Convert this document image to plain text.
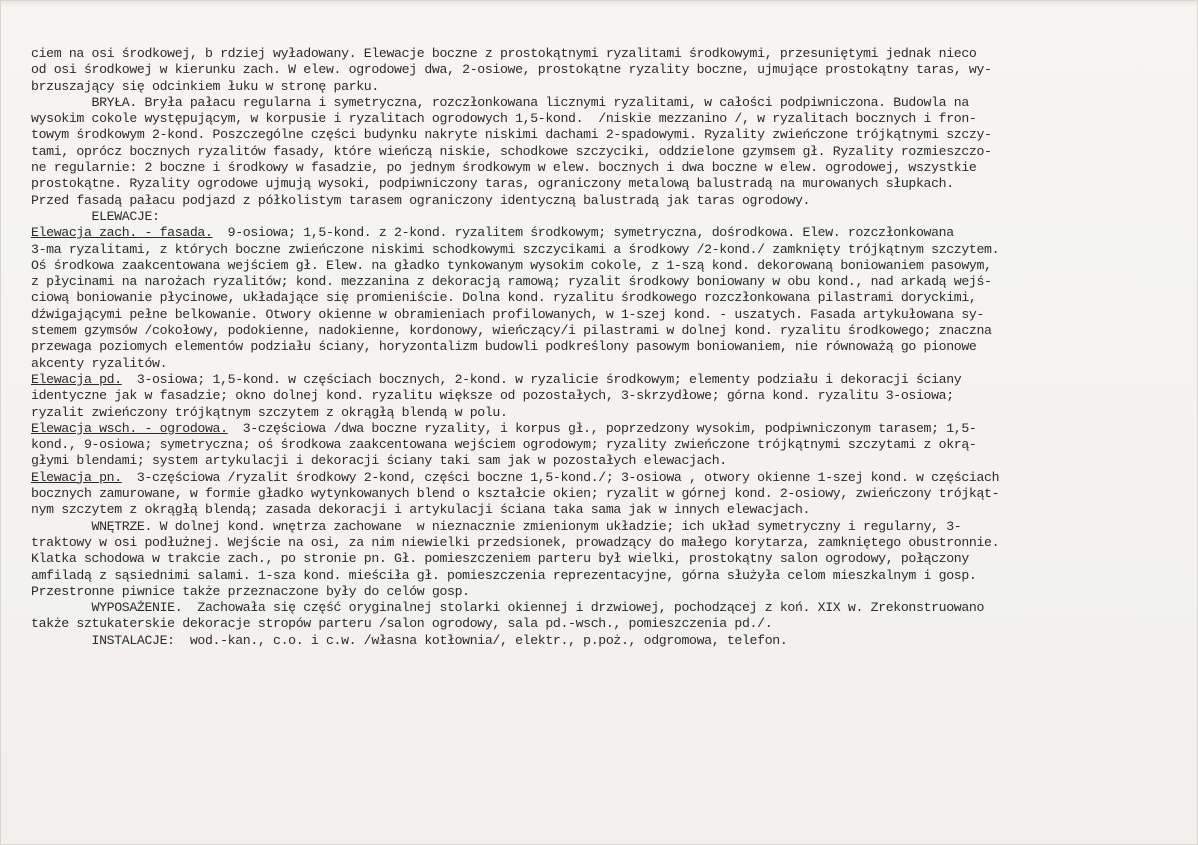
ciem na osi środkowej, b rdziej wyładowany. Elewacje boczne z prostokątnymi ryzalitami środkowymi, przesuniętymi jednak nieco
od osi środkowej w kierunku zach. W elew. ogrodowej dwa, 2-osiowe, prostokątne ryzality boczne, ujmujące prostokątny taras, wy-
brzuszający się odcinkiem łuku w stronę parku.
BRYŁA. Bryła pałacu regularna i symetryczna, rozczłonkowana licznymi ryzalitami, w całości podpiwniczona. Budowla na
wysokim cokole występującym, w korpusie i ryzalitach ogrodowych 1,5-kond.  /niskie mezzanino /, w ryzalitach bocznych i fron-
towym środkowym 2-kond. Poszczególne części budynku nakryte niskimi dachami 2-spadowymi. Ryzality zwieńczone trójkątnymi szczy-
tami, oprócz bocznych ryzalitów fasady, które wieńczą niskie, schodkowe szczyciki, oddzielone gzymsem gł. Ryzality rozmieszczo-
ne regularnie: 2 boczne i środkowy w fasadzie, po jednym środkowym w elew. bocznych i dwa boczne w elew. ogrodowej, wszystkie
prostokątne. Ryzality ogrodowe ujmują wysoki, podpiwniczony taras, ograniczony metalową balustradą na murowanych słupkach.
Przed fasadą pałacu podjazd z półkolistym tarasem ograniczony identyczną balustradą jak taras ogrodowy.
ELEWACJE:
Elewacja zach. - fasada.  9-osiowa; 1,5-kond. z 2-kond. ryzalitem środkowym; symetryczna, dośrodkowa. Elew. rozczłonkowana
3-ma ryzalitami, z których boczne zwieńczone niskimi schodkowymi szczycikami a środkowy /2-kond./ zamknięty trójkątnym szczytem.
Oś środkowa zaakcentowana wejściem gł. Elew. na gładko tynkowanym wysokim cokole, z 1-szą kond. dekorowaną boniowaniem pasowym,
z płycinami na narożach ryzalitów; kond. mezzanina z dekoracją ramową; ryzalit środkowy boniowany w obu kond., nad arkadą wejś-
ciową boniowanie płycinowe, układające się promieniście. Dolna kond. ryzalitu środkowego rozczłonkowana pilastrami doryckimi,
dźwigającymi pełne belkowanie. Otwory okienne w obramieniach profilowanych, w 1-szej kond. - uszatych. Fasada artykułowana sy-
stemem gzymsów /cokołowy, podokienne, nadokienne, kordonowy, wieńczący/i pilastrami w dolnej kond. ryzalitu środkowego; znaczna
przewaga poziomych elementów podziału ściany, horyzontalizm budowli podkreślony pasowym boniowaniem, nie równoważą go pionowe
akcenty ryzalitów.
Elewacja pd.  3-osiowa; 1,5-kond. w częściach bocznych, 2-kond. w ryzalicie środkowym; elementy podziału i dekoracji ściany
identyczne jak w fasadzie; okno dolnej kond. ryzalitu większe od pozostałych, 3-skrzydłowe; górna kond. ryzalitu 3-osiowa;
ryzalit zwieńczony trójkątnym szczytem z okrągłą blendą w polu.
Elewacja wsch. - ogrodowa.  3-częściowa /dwa boczne ryzality, i korpus gł., poprzedzony wysokim, podpiwniczonym tarasem; 1,5-
kond., 9-osiowa; symetryczna; oś środkowa zaakcentowana wejściem ogrodowym; ryzality zwieńczone trójkątnymi szczytami z okrą-
głymi blendami; system artykulacji i dekoracji ściany taki sam jak w pozostałych elewacjach.
Elewacja pn.  3-częściowa /ryzalit środkowy 2-kond, części boczne 1,5-kond./; 3-osiowa , otwory okienne 1-szej kond. w częściach
bocznych zamurowane, w formie gładko wytynkowanych blend o kształcie okien; ryzalit w górnej kond. 2-osiowy, zwieńczony trójkąt-
nym szczytem z okrągłą blendą; zasada dekoracji i artykulacji ściana taka sama jak w innych elewacjach.
WNĘTRZE. W dolnej kond. wnętrza zachowane  w nieznacznie zmienionym układzie; ich układ symetryczny i regularny, 3-
traktowy w osi podłużnej. Wejście na osi, za nim niewielki przedsionek, prowadzący do małego korytarza, zamkniętego obustronnie.
Klatka schodowa w trakcie zach., po stronie pn. Gł. pomieszczeniem parteru był wielki, prostokątny salon ogrodowy, połączony
amfiladą z sąsiednimi salami. 1-sza kond. mieściła gł. pomieszczenia reprezentacyjne, górna służyła celom mieszkalnym i gosp.
Przestronne piwnice także przeznaczone były do celów gosp.
WYPOSAŻENIE.  Zachowała się część oryginalnej stolarki okiennej i drzwiowej, pochodzącej z koń. XIX w. Zrekonstruowano
także sztukaterskie dekoracje stropów parteru /salon ogrodowy, sala pd.-wsch., pomieszczenia pd./.
INSTALACJE:  wod.-kan., c.o. i c.w. /własna kotłownia/, elektr., p.poż., odgromowa, telefon.
